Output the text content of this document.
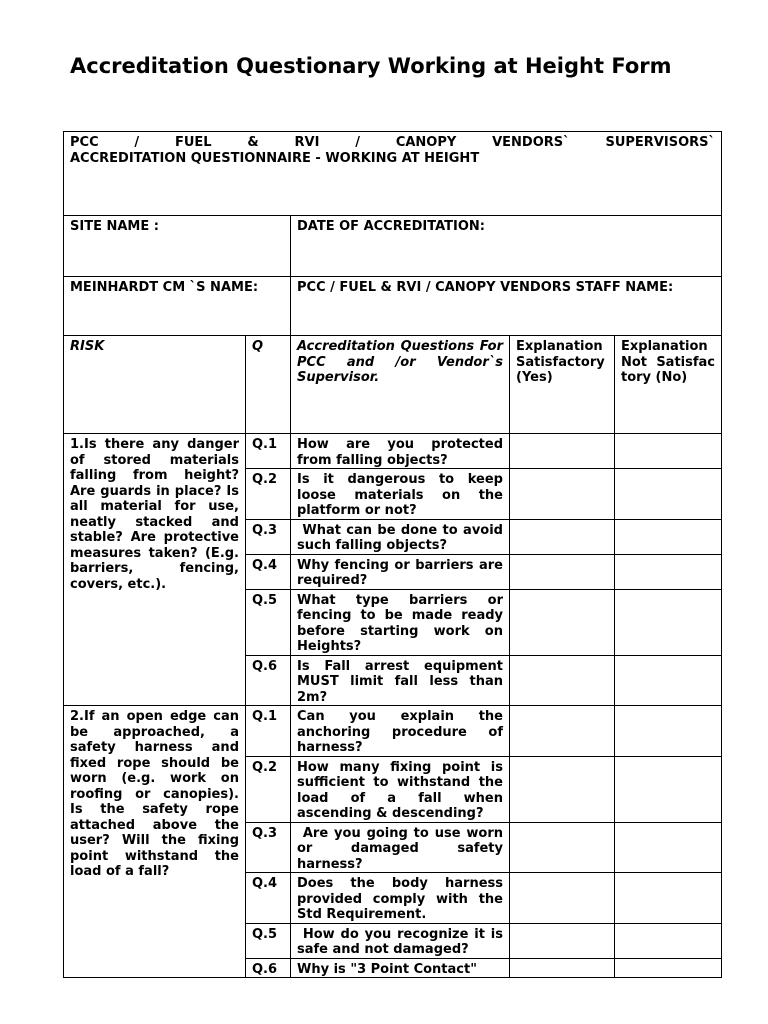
Accreditation Questionary Working at Height Form
PCC / FUEL & RVI / CANOPY VENDORS` SUPERVISORS`
ACCREDITATION QUESTIONNAIRE - WORKING AT HEIGHT				

SITE NAME :		DATE OF ACCREDITATION:		
MEINHARDT CM `S NAME:		PCC / FUEL & RVI / CANOPY VENDORS STAFF NAME:		
RISK	Q	Accreditation Questions For PCC and /or Vendor`s Supervisor.	Explanation Satisfactory (Yes)	Explanation Not Satisfactory (No)
1.Is there any danger of stored materials falling from height? Are guards in place? Is all material for use, neatly stacked and stable? Are protective measures taken? (E.g. barriers, fencing, covers, etc.).	Q.1	How are you protected from falling objects?		
	Q.2	Is it dangerous to keep loose materials on the platform or not?		
	Q.3	What can be done to avoid such falling objects?		
	Q.4	Why fencing or barriers are required?		
	Q.5	What type barriers or fencing to be made ready before starting work on Heights?		
	Q.6	Is Fall arrest equipment MUST limit fall less than 2m?		
2.If an open edge can be approached, a safety harness and fixed rope should be worn (e.g. work on roofing or canopies). Is the safety rope attached above the user? Will the fixing point withstand the load of a fall?	Q.1	Can you explain the anchoring procedure of harness?		
	Q.2	How many fixing point is sufficient to withstand the load of a fall when ascending & descending?		
	Q.3	Are you going to use worn or damaged safety harness?		
	Q.4	Does the body harness provided comply with the Std Requirement.		
	Q.5	How do you recognize it is safe and not damaged?		
	Q.6	Why is "3 Point Contact"		
